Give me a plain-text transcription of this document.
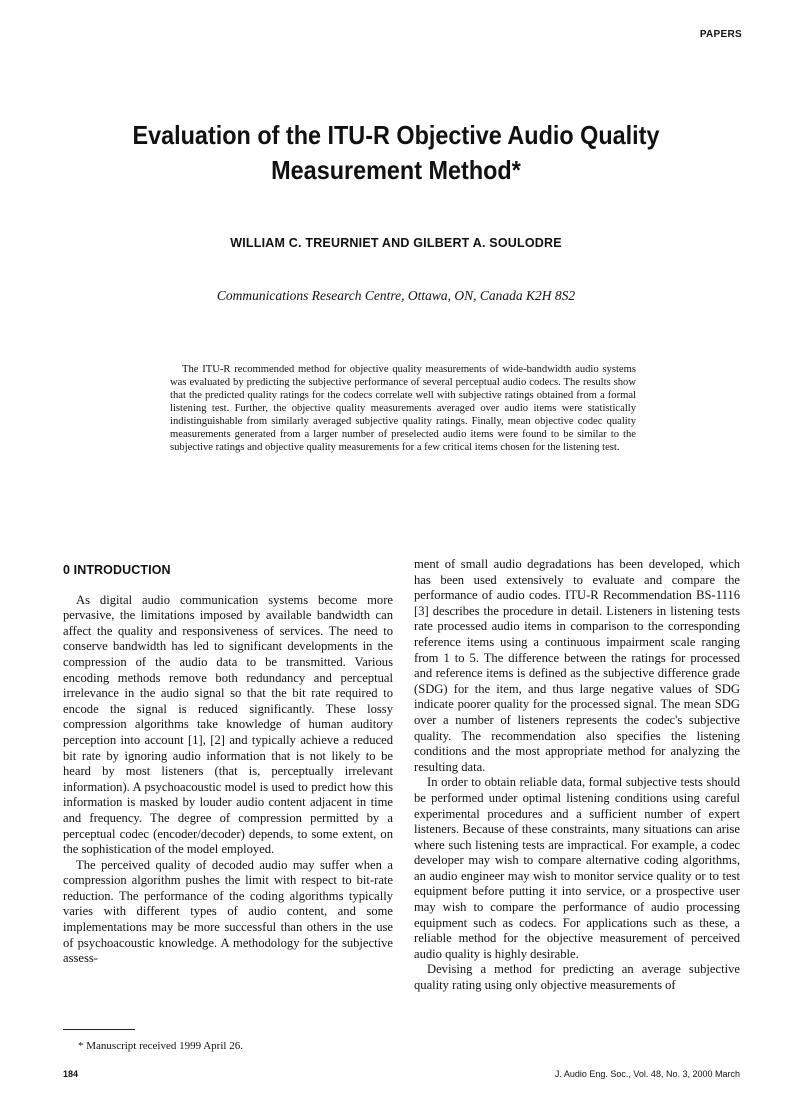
PAPERS
Evaluation of the ITU-R Objective Audio Quality
Measurement Method*
WILLIAM C. TREURNIET AND GILBERT A. SOULODRE
Communications Research Centre, Ottawa, ON, Canada K2H 8S2

The ITU-R recommended method for objective quality measurements of wide-bandwidth audio systems was evaluated by predicting the subjective performance of several perceptual audio codecs. The results show that the predicted quality ratings for the codecs correlate well with subjective ratings obtained from a formal listening test. Further, the objective quality measurements averaged over audio items were statistically indistinguishable from similarly averaged subjective quality ratings. Finally, mean objective codec quality measurements generated from a larger number of preselected audio items were found to be similar to the subjective ratings and objective quality measurements for a few critical items chosen for the listening test.

0 INTRODUCTION

As digital audio communication systems become more pervasive, the limitations imposed by available bandwidth can affect the quality and responsiveness of services. The need to conserve bandwidth has led to significant developments in the compression of the audio data to be transmitted. Various encoding methods remove both redundancy and perceptual irrelevance in the audio signal so that the bit rate required to encode the signal is reduced significantly. These lossy compression algorithms take knowledge of human auditory perception into account [1], [2] and typically achieve a reduced bit rate by ignoring audio information that is not likely to be heard by most listeners (that is, perceptually irrelevant information). A psychoacoustic model is used to predict how this information is masked by louder audio content adjacent in time and frequency. The degree of compression permitted by a perceptual codec (encoder/decoder) depends, to some extent, on the sophistication of the model employed.

The perceived quality of decoded audio may suffer when a compression algorithm pushes the limit with respect to bit-rate reduction. The performance of the coding algorithms typically varies with different types of audio content, and some implementations may be more successful than others in the use of psychoacoustic knowledge. A methodology for the subjective assess-

ment of small audio degradations has been developed, which has been used extensively to evaluate and compare the performance of audio codes. ITU-R Recommendation BS-1116 [3] describes the procedure in detail. Listeners in listening tests rate processed audio items in comparison to the corresponding reference items using a continuous impairment scale ranging from 1 to 5. The difference between the ratings for processed and reference items is defined as the subjective difference grade (SDG) for the item, and thus large negative values of SDG indicate poorer quality for the processed signal. The mean SDG over a number of listeners represents the codec's subjective quality. The recommendation also specifies the listening conditions and the most appropriate method for analyzing the resulting data.

In order to obtain reliable data, formal subjective tests should be performed under optimal listening conditions using careful experimental procedures and a sufficient number of expert listeners. Because of these constraints, many situations can arise where such listening tests are impractical. For example, a codec developer may wish to compare alternative coding algorithms, an audio engineer may wish to monitor service quality or to test equipment before putting it into service, or a prospective user may wish to compare the performance of audio processing equipment such as codecs. For applications such as these, a reliable method for the objective measurement of perceived audio quality is highly desirable.

Devising a method for predicting an average subjective quality rating using only objective measurements of

* Manuscript received 1999 April 26.
184	J. Audio Eng. Soc., Vol. 48, No. 3, 2000 March
